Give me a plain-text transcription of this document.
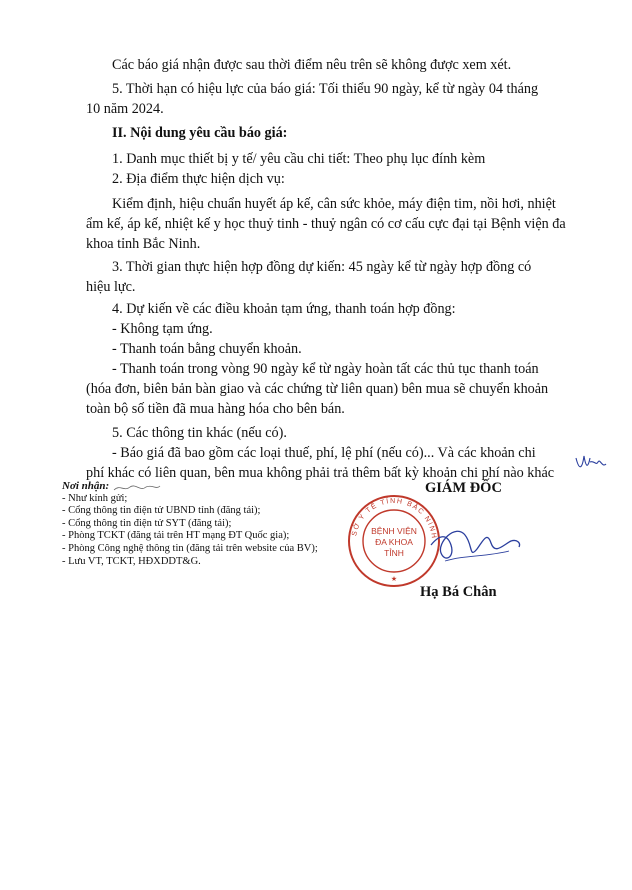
Các báo giá nhận được sau thời điểm nêu trên sẽ không được xem xét.

5. Thời hạn có hiệu lực của báo giá: Tối thiểu 90 ngày, kể từ ngày 04 tháng

10 năm 2024.

II. Nội dung yêu cầu báo giá:

1. Danh mục thiết bị y tế/ yêu cầu chi tiết: Theo phụ lục đính kèm

2. Địa điểm thực hiện dịch vụ:

Kiểm định, hiệu chuẩn huyết áp kế, cân sức khỏe, máy điện tim, nồi hơi, nhiệt

ẩm kế, áp kế, nhiệt kế y học thuỷ tinh - thuỷ ngân có cơ cấu cực đại tại Bệnh viện đa

khoa tỉnh Bắc Ninh.

3. Thời gian thực hiện hợp đồng dự kiến: 45 ngày kể từ ngày hợp đồng có

hiệu lực.

4. Dự kiến về các điều khoản tạm ứng, thanh toán hợp đồng:

- Không tạm ứng.

- Thanh toán bằng chuyển khoản.

- Thanh toán trong vòng 90 ngày kể từ ngày hoàn tất các thủ tục thanh toán

(hóa đơn, biên bản bàn giao và các chứng từ liên quan) bên mua sẽ chuyển khoản

toàn bộ số tiền đã mua hàng hóa cho bên bán.

5. Các thông tin khác (nếu có).

- Báo giá đã bao gồm các loại thuế, phí, lệ phí (nếu có)... Và các khoản chi

phí khác có liên quan, bên mua không phải trả thêm bất kỳ khoản chi phí nào khác

Nơi nhận:
- Như kính gửi;
- Cổng thông tin điện tử UBND tỉnh (đăng tải);
- Cổng thông tin điện tử SYT (đăng tải);
- Phòng TCKT (đăng tải trên HT mạng ĐT Quốc gia);
- Phòng Công nghệ thông tin (đăng tải trên website của BV);
- Lưu VT, TCKT, HĐXDDT&G.
GIÁM ĐỐC
SỞ Y TẾ TỈNH BẮC NINH
BỆNH VIỆN
ĐA KHOA
TỈNH
★
Hạ Bá Chân
